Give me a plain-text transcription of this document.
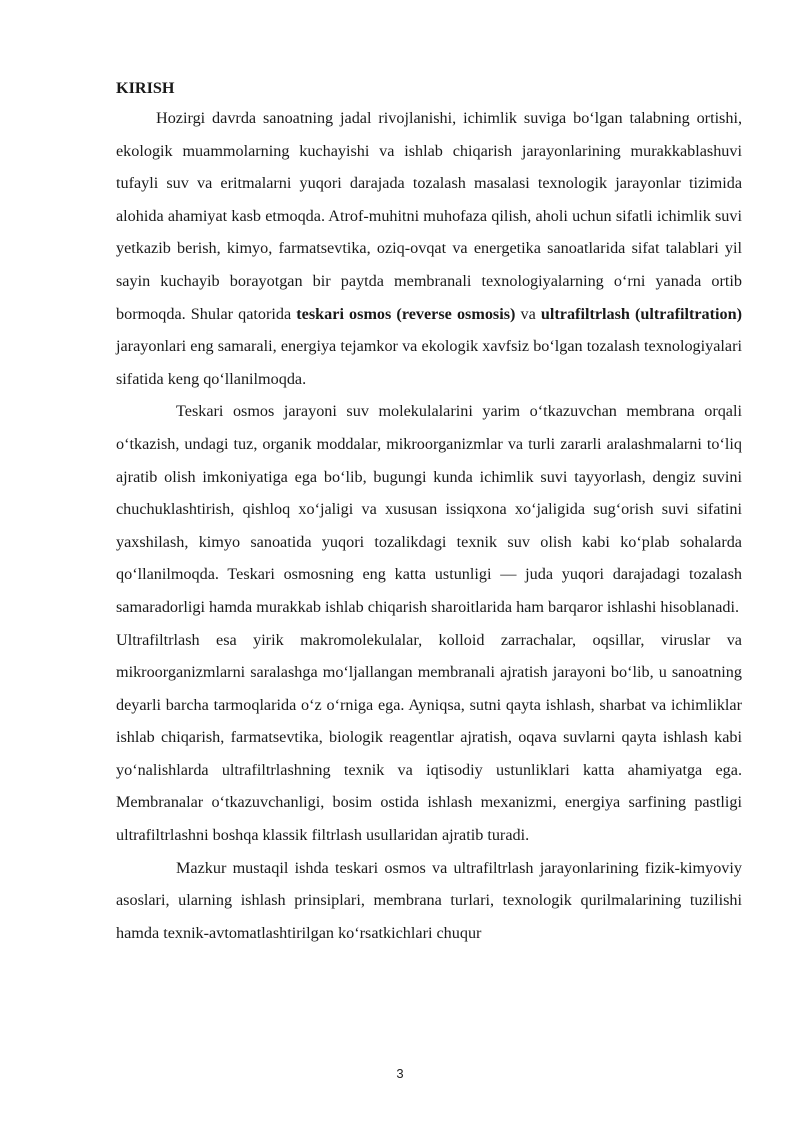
KIRISH

Hozirgi davrda sanoatning jadal rivojlanishi, ichimlik suviga bo‘lgan talabning ortishi, ekologik muammolarning kuchayishi va ishlab chiqarish jarayonlarining murakkablashuvi tufayli suv va eritmalarni yuqori darajada tozalash masalasi texnologik jarayonlar tizimida alohida ahamiyat kasb etmoqda. Atrof-muhitni muhofaza qilish, aholi uchun sifatli ichimlik suvi yetkazib berish, kimyo, farmatsevtika, oziq-ovqat va energetika sanoatlarida sifat talablari yil sayin kuchayib borayotgan bir paytda membranali texnologiyalarning o‘rni yanada ortib bormoqda. Shular qatorida teskari osmos (reverse osmosis) va ultrafiltrlash (ultrafiltration) jarayonlari eng samarali, energiya tejamkor va ekologik xavfsiz bo‘lgan tozalash texnologiyalari sifatida keng qo‘llanilmoqda.

Teskari osmos jarayoni suv molekulalarini yarim o‘tkazuvchan membrana orqali o‘tkazish, undagi tuz, organik moddalar, mikroorganizmlar va turli zararli aralashmalarni to‘liq ajratib olish imkoniyatiga ega bo‘lib, bugungi kunda ichimlik suvi tayyorlash, dengiz suvini chuchuklashtirish, qishloq xo‘jaligi va xususan issiqxona xo‘jaligida sug‘orish suvi sifatini yaxshilash, kimyo sanoatida yuqori tozalikdagi texnik suv olish kabi ko‘plab sohalarda qo‘llanilmoqda. Teskari osmosning eng katta ustunligi — juda yuqori darajadagi tozalash samaradorligi hamda murakkab ishlab chiqarish sharoitlarida ham barqaror ishlashi hisoblanadi.

Ultrafiltrlash esa yirik makromolekulalar, kolloid zarrachalar, oqsillar, viruslar va mikroorganizmlarni saralashga mo‘ljallangan membranali ajratish jarayoni bo‘lib, u sanoatning deyarli barcha tarmoqlarida o‘z o‘rniga ega. Ayniqsa, sutni qayta ishlash, sharbat va ichimliklar ishlab chiqarish, farmatsevtika, biologik reagentlar ajratish, oqava suvlarni qayta ishlash kabi yo‘nalishlarda ultrafiltrlashning texnik va iqtisodiy ustunliklari katta ahamiyatga ega. Membranalar o‘tkazuvchanligi, bosim ostida ishlash mexanizmi, energiya sarfining pastligi ultrafiltrlashni boshqa klassik filtrlash usullaridan ajratib turadi.

Mazkur mustaqil ishda teskari osmos va ultrafiltrlash jarayonlarining fizik-kimyoviy asoslari, ularning ishlash prinsiplari, membrana turlari, texnologik qurilmalarining tuzilishi hamda texnik-avtomatlashtirilgan ko‘rsatkichlari chuqur

3
